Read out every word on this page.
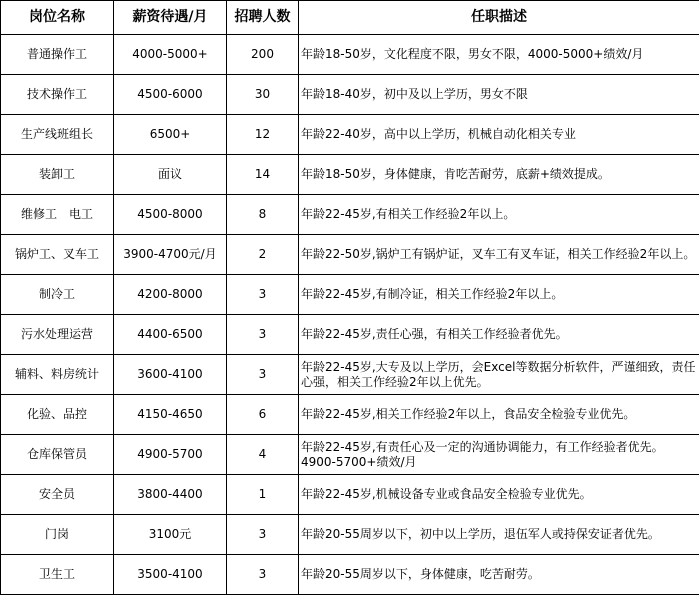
岗位名称	薪资待遇/月	招聘人数	任职描述
普通操作工	4000-5000+	200	年龄18-50岁，文化程度不限，男女不限，4000-5000+绩效/月
技术操作工	4500-6000	30	年龄18-40岁，初中及以上学历，男女不限
生产线班组长	6500+	12	年龄22-40岁，高中以上学历，机械自动化相关专业
装卸工	面议	14	年龄18-50岁，身体健康，肯吃苦耐劳，底薪+绩效提成。
维修工　电工	4500-8000	8	年龄22-45岁,有相关工作经验2年以上。
锅炉工、叉车工	3900-4700元/月	2	年龄22-50岁,锅炉工有锅炉证，叉车工有叉车证，相关工作经验2年以上。
制冷工	4200-8000	3	年龄22-45岁,有制冷证，相关工作经验2年以上。
污水处理运营	4400-6500	3	年龄22-45岁,责任心强，有相关工作经验者优先。
辅料、料房统计	3600-4100	3	年龄22-45岁,大专及以上学历，会Excel等数据分析软件，严谨细致，责任心强，相关工作经验2年以上优先。
化验、品控	4150-4650	6	年龄22-45岁,相关工作经验2年以上，食品安全检验专业优先。
仓库保管员	4900-5700	4	年龄22-45岁,有责任心及一定的沟通协调能力，有工作经验者优先。4900-5700+绩效/月
安全员	3800-4400	1	年龄22-45岁,机械设备专业或食品安全检验专业优先。
门岗	3100元	3	年龄20-55周岁以下，初中以上学历，退伍军人或持保安证者优先。
卫生工	3500-4100	3	年龄20-55周岁以下，身体健康，吃苦耐劳。
